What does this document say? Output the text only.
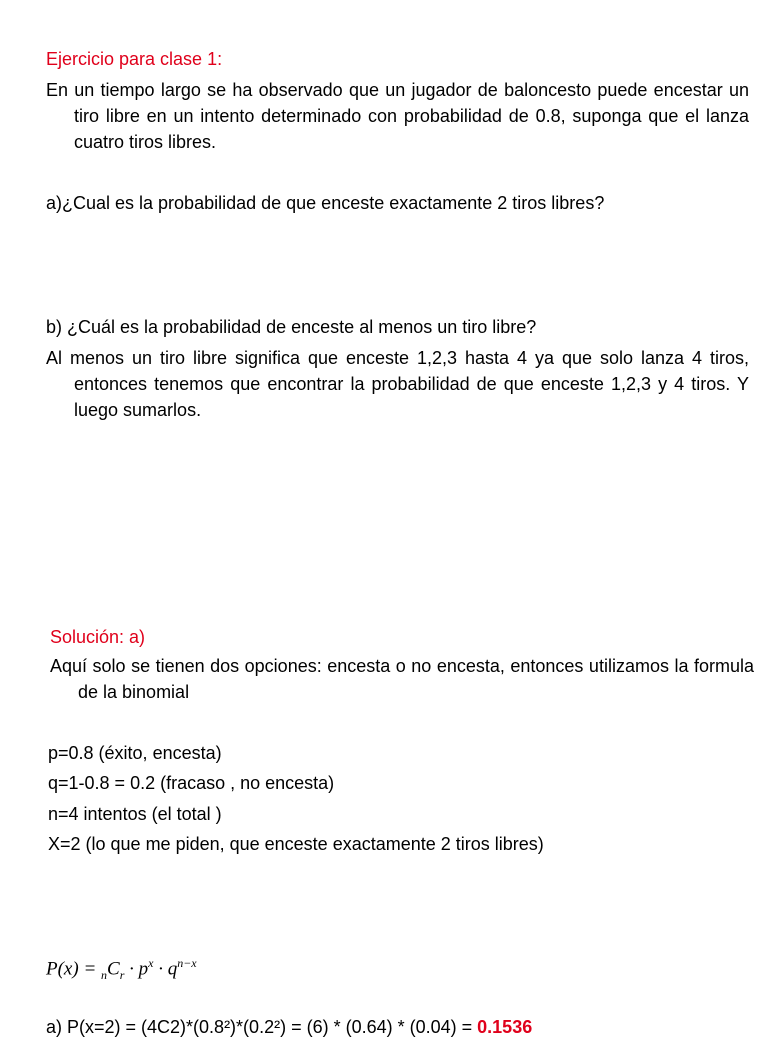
Ejercicio para clase 1:

En un tiempo largo se ha observado que un jugador de baloncesto puede encestar un tiro libre en un intento determinado con probabilidad de 0.8, suponga que el lanza cuatro tiros libres.

a)¿Cual es la probabilidad de que enceste exactamente 2 tiros libres?

b) ¿Cuál es la probabilidad de enceste al menos un tiro libre?

Al menos un tiro libre significa que enceste 1,2,3 hasta 4 ya que solo lanza 4 tiros, entonces tenemos que encontrar la probabilidad de que enceste 1,2,3 y 4 tiros. Y luego sumarlos.

Solución: a)

Aquí solo se tienen dos opciones: encesta o no encesta, entonces utilizamos la formula de la binomial

p=0.8 (éxito, encesta)

q=1-0.8 = 0.2 (fracaso , no encesta)

n=4 intentos (el total )

X=2 (lo que me piden, que enceste exactamente 2 tiros libres)

$P(x) = _nC_r \cdot p^x \cdot q^{n-x}$
a) P(x=2) = (4C2)*(0.8²)*(0.2²) = (6) * (0.64) * (0.04) = 0.1536
